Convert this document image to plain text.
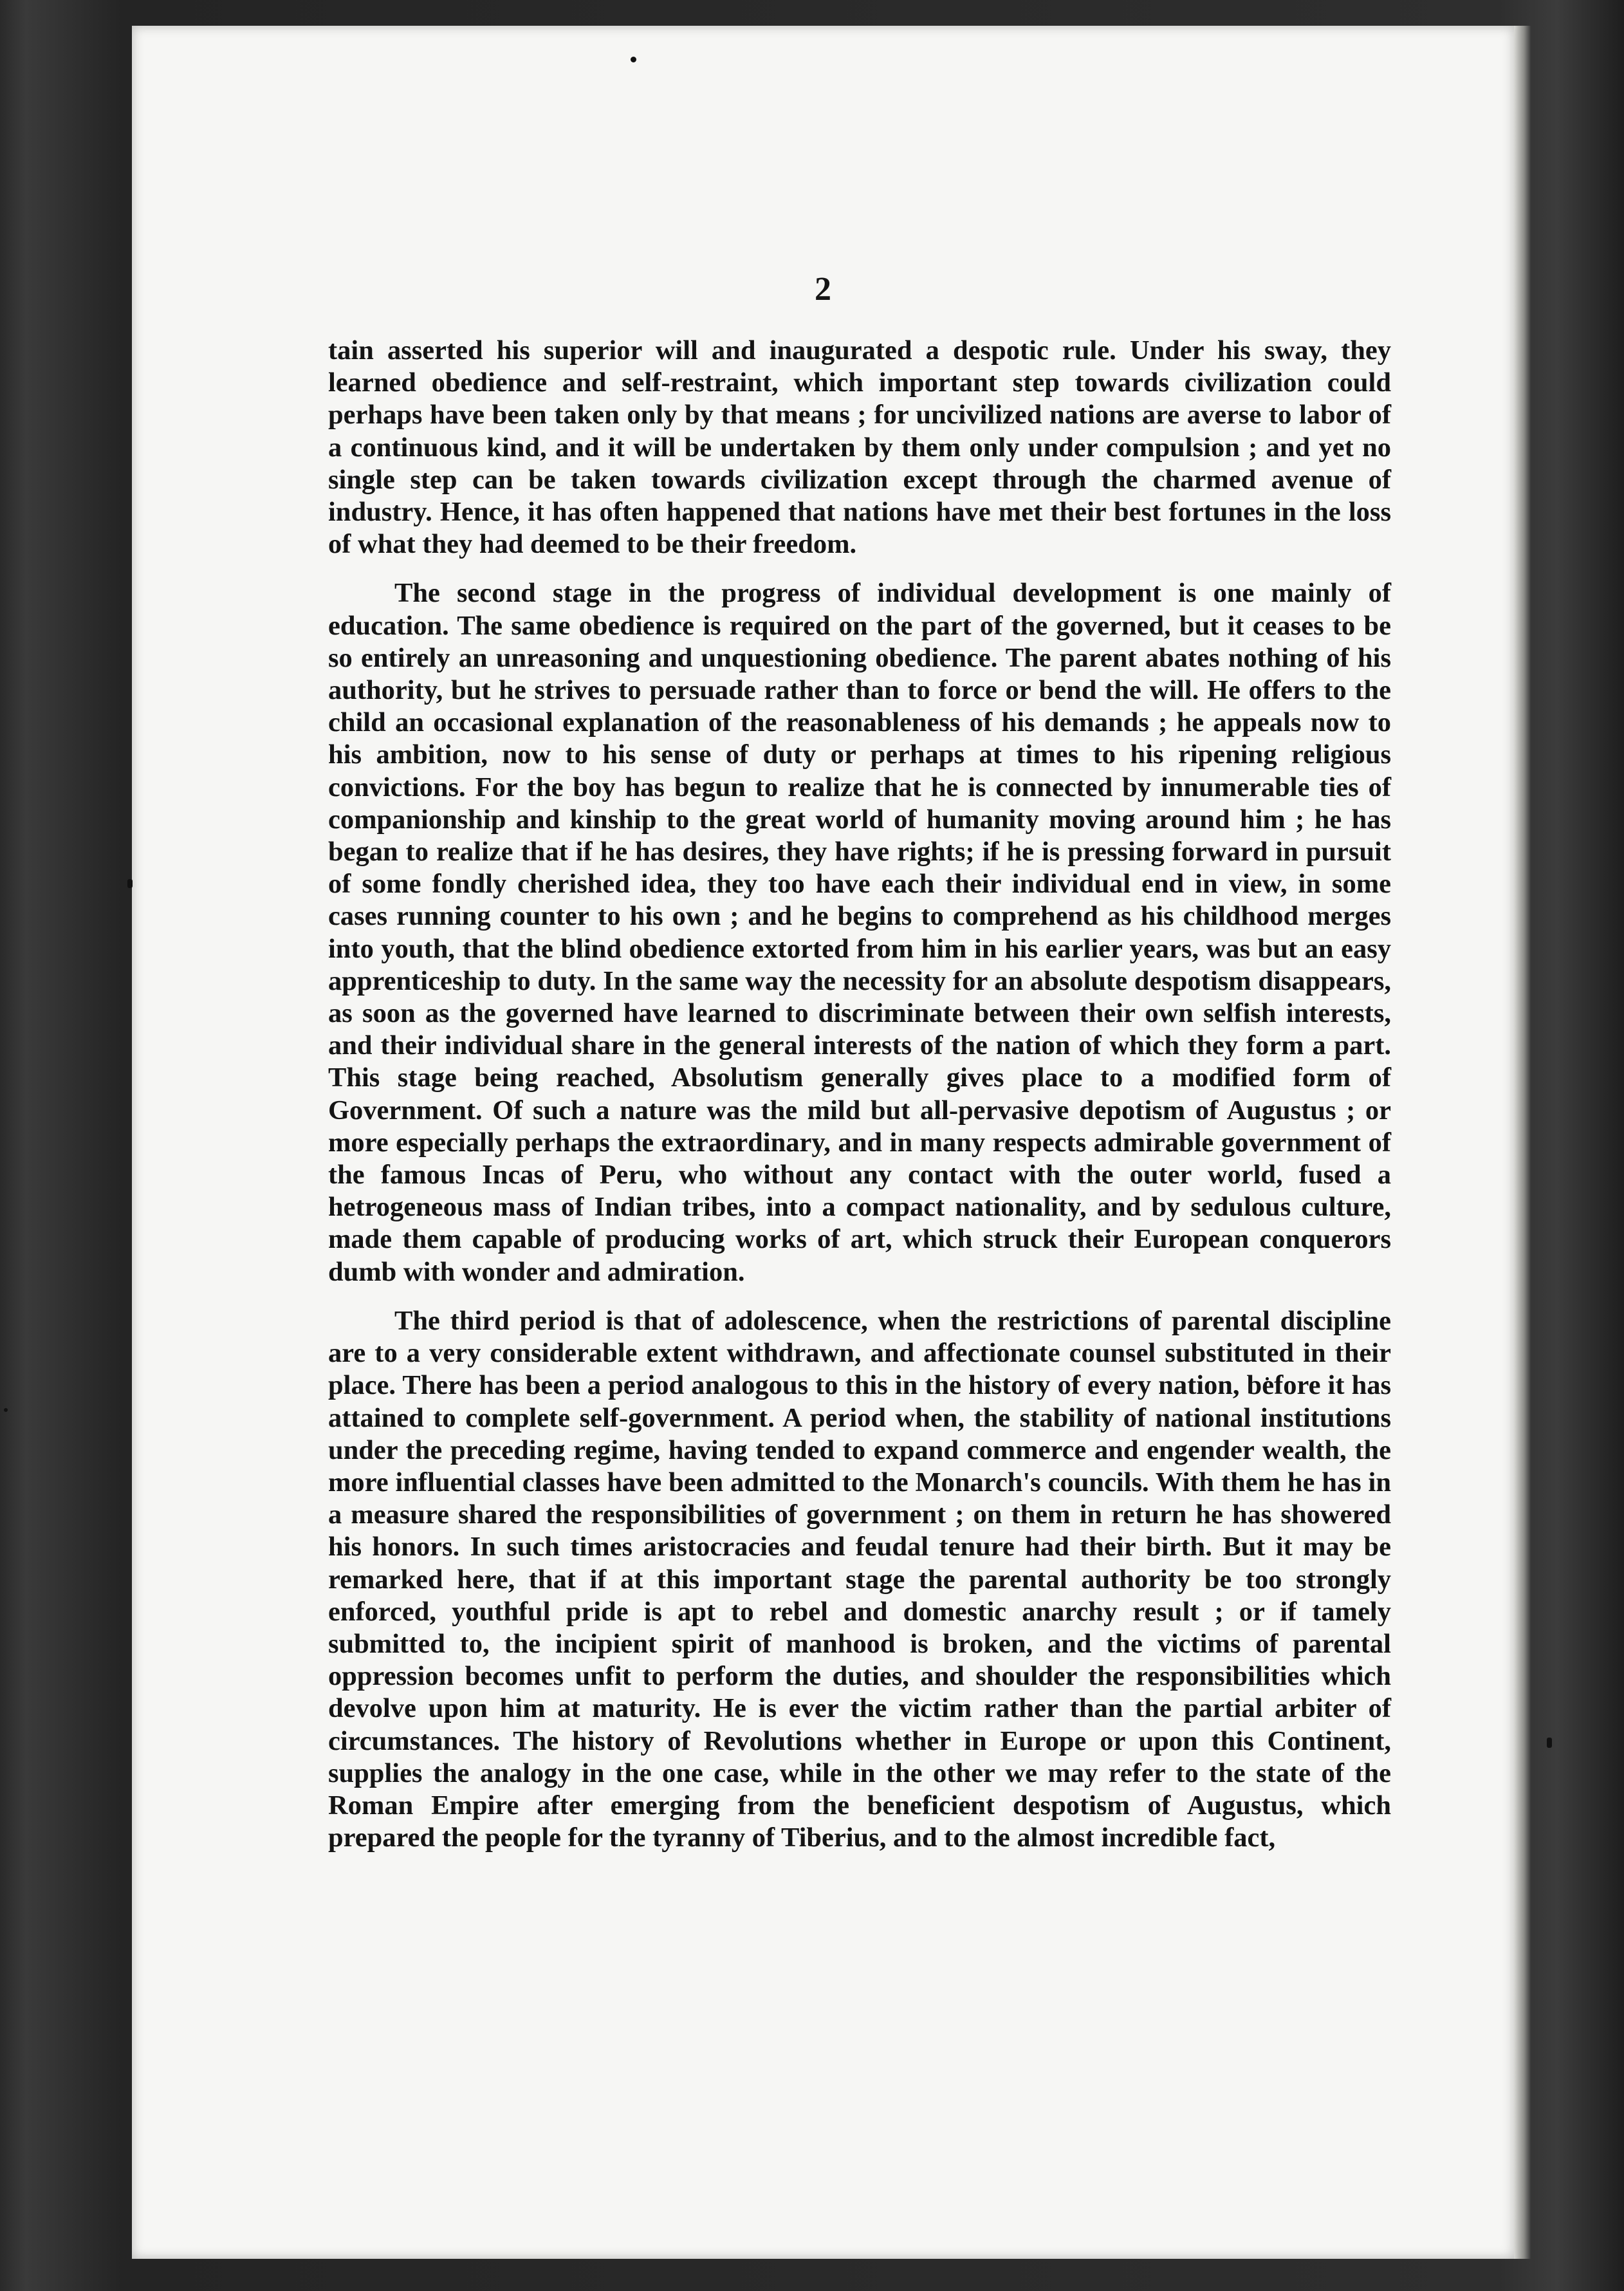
2

tain asserted his superior will and inaugurated a despotic rule. Under his sway, they learned obedience and self-restraint, which important step towards civilization could perhaps have been taken only by that means ; for uncivilized nations are averse to labor of a continuous kind, and it will be undertaken by them only under compulsion ; and yet no single step can be taken towards civilization except through the charmed avenue of industry. Hence, it has often happened that nations have met their best fortunes in the loss of what they had deemed to be their freedom.

The second stage in the progress of individual development is one mainly of education. The same obedience is required on the part of the governed, but it ceases to be so entirely an unreasoning and unquestioning obedience. The parent abates nothing of his authority, but he strives to persuade rather than to force or bend the will. He offers to the child an occasional explanation of the reasonableness of his demands ; he appeals now to his ambition, now to his sense of duty or perhaps at times to his ripening religious convictions. For the boy has begun to realize that he is connected by innumerable ties of companionship and kinship to the great world of humanity moving around him ; he has began to realize that if he has desires, they have rights; if he is pressing forward in pursuit of some fondly cherished idea, they too have each their individual end in view, in some cases running counter to his own ; and he begins to comprehend as his childhood merges into youth, that the blind obedience extorted from him in his earlier years, was but an easy apprenticeship to duty. In the same way the necessity for an absolute despotism disappears, as soon as the governed have learned to discriminate between their own selfish interests, and their individual share in the general interests of the nation of which they form a part. This stage being reached, Absolutism generally gives place to a modified form of Government. Of such a nature was the mild but all-pervasive depotism of Augustus ; or more especially perhaps the extraordinary, and in many respects admirable government of the famous Incas of Peru, who without any contact with the outer world, fused a hetrogeneous mass of Indian tribes, into a compact nationality, and by sedulous culture, made them capable of producing works of art, which struck their European conquerors dumb with wonder and admiration.

The third period is that of adolescence, when the restrictions of parental discipline are to a very considerable extent withdrawn, and affectionate counsel substituted in their place. There has been a period analogous to this in the history of every nation, before it has attained to complete self-government. A period when, the stability of national institutions under the preceding regime, having tended to expand commerce and engender wealth, the more influential classes have been admitted to the Monarch's councils. With them he has in a measure shared the responsibilities of government ; on them in return he has showered his honors. In such times aristocracies and feudal tenure had their birth. But it may be remarked here, that if at this important stage the parental authority be too strongly enforced, youthful pride is apt to rebel and domestic anarchy result ; or if tamely submitted to, the incipient spirit of manhood is broken, and the victims of parental oppression becomes unfit to perform the duties, and shoulder the responsibilities which devolve upon him at maturity. He is ever the victim rather than the partial arbiter of circumstances. The history of Revolutions whether in Europe or upon this Continent, supplies the analogy in the one case, while in the other we may refer to the state of the Roman Empire after emerging from the beneficient despotism of Augustus, which prepared the people for the tyranny of Tiberius, and to the almost incredible fact,
